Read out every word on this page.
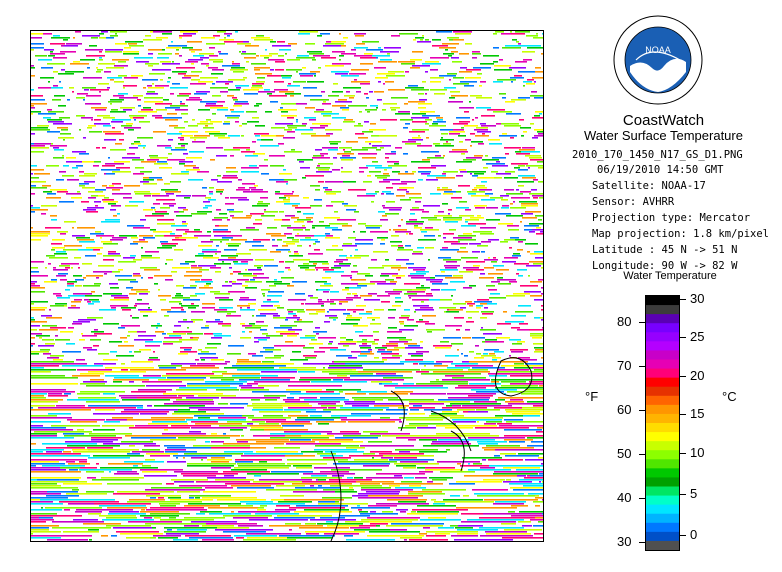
NOAA
CoastWatch
Water Surface Temperature
2010_170_1450_N17_GS_D1.PNG
06/19/2010 14:50 GMT
Satellite: NOAA-17
Sensor: AVHRR
Projection type: Mercator
Map projection: 1.8 km/pixel
Latitude : 45 N -> 51 N
Longitude: 90 W -> 82 W
Water Temperature
°F	°C
80
70
60
50
40
30
30
25
20
15
10
5
0
